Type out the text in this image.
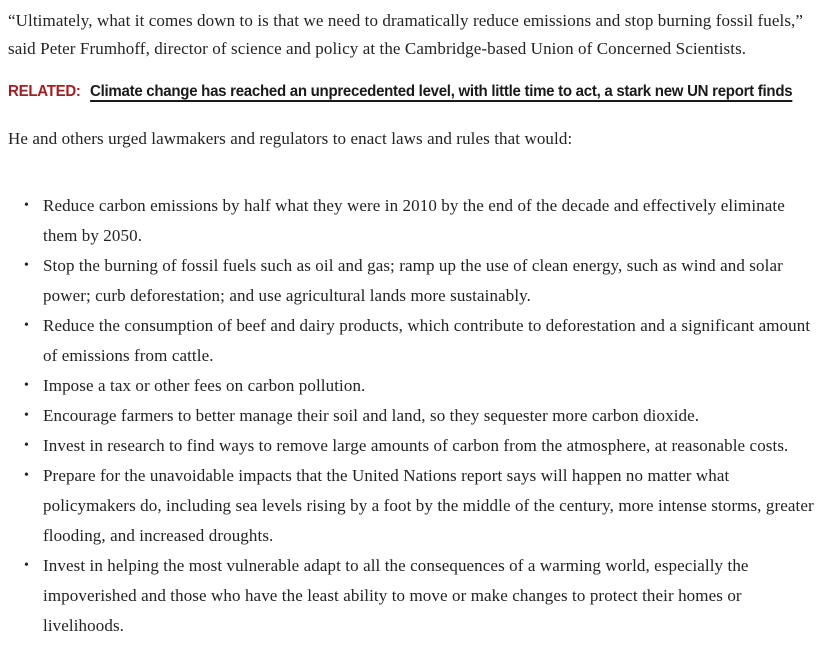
“Ultimately, what it comes down to is that we need to dramatically reduce emissions and stop burning fossil fuels,” said Peter Frumhoff, director of science and policy at the Cambridge-based Union of Concerned Scientists.

RELATED: Climate change has reached an unprecedented level, with little time to act, a stark new UN report finds

He and others urged lawmakers and regulators to enact laws and rules that would:

• Reduce carbon emissions by half what they were in 2010 by the end of the decade and effectively eliminate them by 2050.
• Stop the burning of fossil fuels such as oil and gas; ramp up the use of clean energy, such as wind and solar power; curb deforestation; and use agricultural lands more sustainably.
• Reduce the consumption of beef and dairy products, which contribute to deforestation and a significant amount of emissions from cattle.
• Impose a tax or other fees on carbon pollution.
• Encourage farmers to better manage their soil and land, so they sequester more carbon dioxide.
• Invest in research to find ways to remove large amounts of carbon from the atmosphere, at reasonable costs.
• Prepare for the unavoidable impacts that the United Nations report says will happen no matter what policymakers do, including sea levels rising by a foot by the middle of the century, more intense storms, greater flooding, and increased droughts.
• Invest in helping the most vulnerable adapt to all the consequences of a warming world, especially the impoverished and those who have the least ability to move or make changes to protect their homes or livelihoods.
